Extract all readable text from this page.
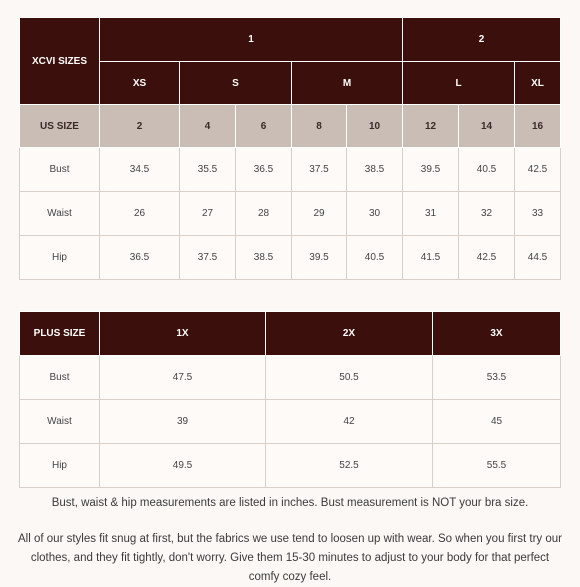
XCVI SIZES	1					2		
	XS	S		M		L		XL
US SIZE	2	4	6	8	10	12	14	16
Bust	34.5	35.5	36.5	37.5	38.5	39.5	40.5	42.5
Waist	26	27	28	29	30	31	32	33
Hip	36.5	37.5	38.5	39.5	40.5	41.5	42.5	44.5
PLUS SIZE	1X	2X	3X
Bust	47.5	50.5	53.5
Waist	39	42	45
Hip	49.5	52.5	55.5
Bust, waist & hip measurements are listed in inches. Bust measurement is NOT your bra size.
All of our styles fit snug at first, but the fabrics we use tend to loosen up with wear. So when you first try our clothes, and they fit tightly, don't worry. Give them 15-30 minutes to adjust to your body for that perfect comfy cozy feel.
